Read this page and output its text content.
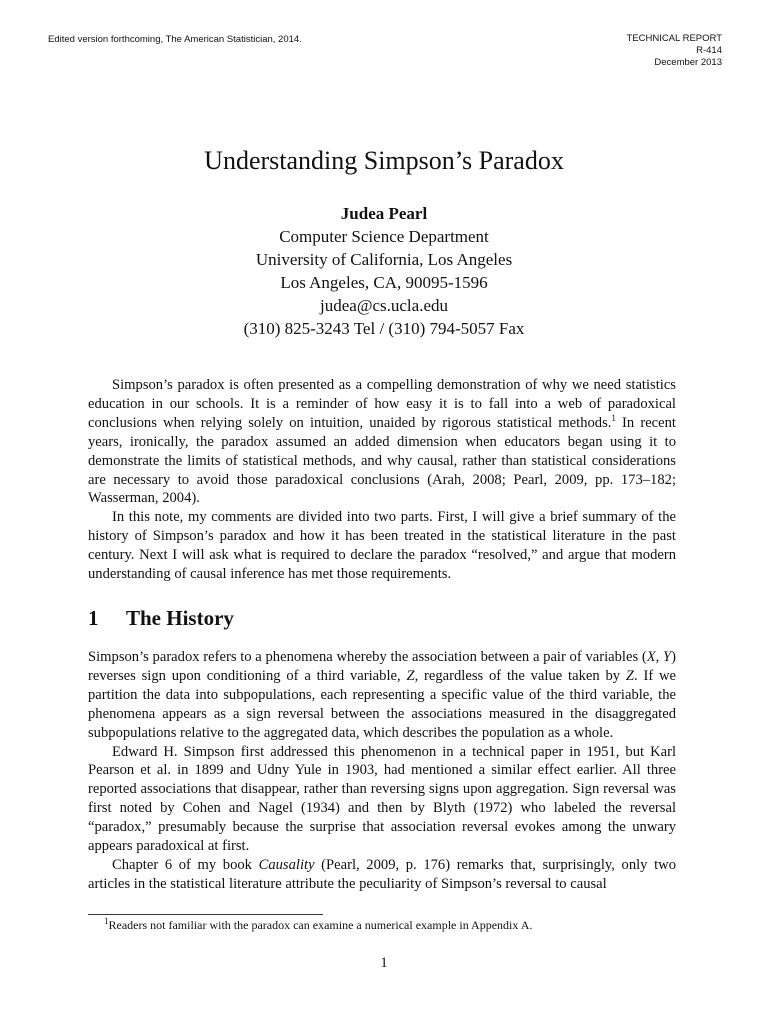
Edited version forthcoming, The American Statistician, 2014.	TECHNICAL REPORT
R-414
December 2013
Understanding Simpson’s Paradox
Judea Pearl
Computer Science Department
University of California, Los Angeles
Los Angeles, CA, 90095-1596
judea@cs.ucla.edu
(310) 825-3243 Tel / (310) 794-5057 Fax

Simpson’s paradox is often presented as a compelling demonstration of why we need statistics education in our schools. It is a reminder of how easy it is to fall into a web of paradoxical conclusions when relying solely on intuition, unaided by rigorous statistical methods.$^1$ In recent years, ironically, the paradox assumed an added dimension when educators began using it to demonstrate the limits of statistical methods, and why causal, rather than statistical considerations are necessary to avoid those paradoxical conclusions (Arah, 2008; Pearl, 2009, pp. 173–182; Wasserman, 2004).

In this note, my comments are divided into two parts. First, I will give a brief summary of the history of Simpson’s paradox and how it has been treated in the statistical literature in the past century. Next I will ask what is required to declare the paradox “resolved,” and argue that modern understanding of causal inference has met those requirements.

1 The History

Simpson’s paradox refers to a phenomena whereby the association between a pair of variables (X, Y) reverses sign upon conditioning of a third variable, Z, regardless of the value taken by Z. If we partition the data into subpopulations, each representing a specific value of the third variable, the phenomena appears as a sign reversal between the associations measured in the disaggregated subpopulations relative to the aggregated data, which describes the population as a whole.

Edward H. Simpson first addressed this phenomenon in a technical paper in 1951, but Karl Pearson et al. in 1899 and Udny Yule in 1903, had mentioned a similar effect earlier. All three reported associations that disappear, rather than reversing signs upon aggregation. Sign reversal was first noted by Cohen and Nagel (1934) and then by Blyth (1972) who labeled the reversal “paradox,” presumably because the surprise that association reversal evokes among the unwary appears paradoxical at first.

Chapter 6 of my book Causality (Pearl, 2009, p. 176) remarks that, surprisingly, only two articles in the statistical literature attribute the peculiarity of Simpson’s reversal to causal

$^1$Readers not familiar with the paradox can examine a numerical example in Appendix A.
1
